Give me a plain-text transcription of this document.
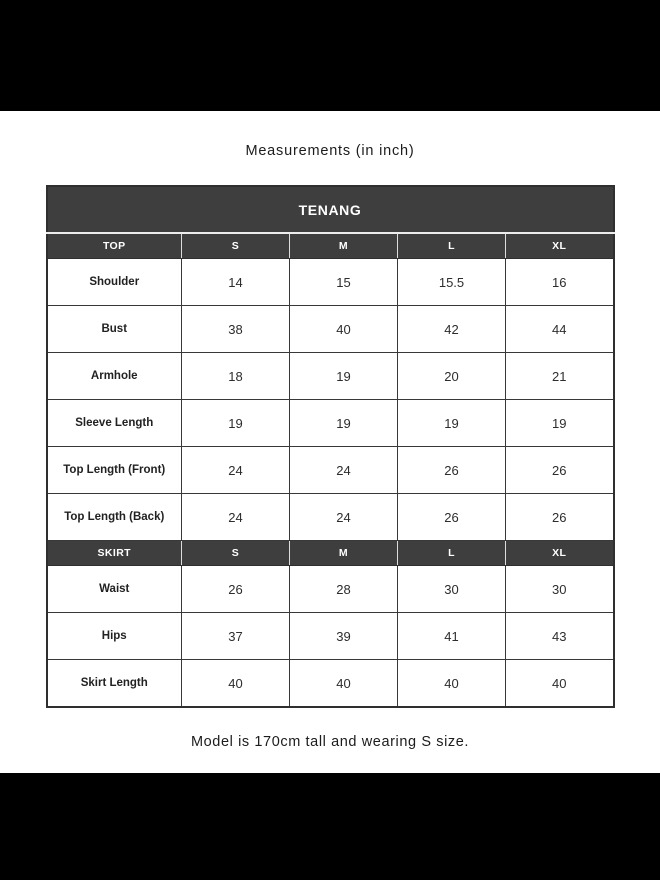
Measurements (in inch)
TENANG				
TOP	S	M	L	XL
Shoulder	14	15	15.5	16
Bust	38	40	42	44
Armhole	18	19	20	21
Sleeve Length	19	19	19	19
Top Length (Front)	24	24	26	26
Top Length (Back)	24	24	26	26
SKIRT	S	M	L	XL
Waist	26	28	30	30
Hips	37	39	41	43
Skirt Length	40	40	40	40
Model is 170cm tall and wearing S size.
